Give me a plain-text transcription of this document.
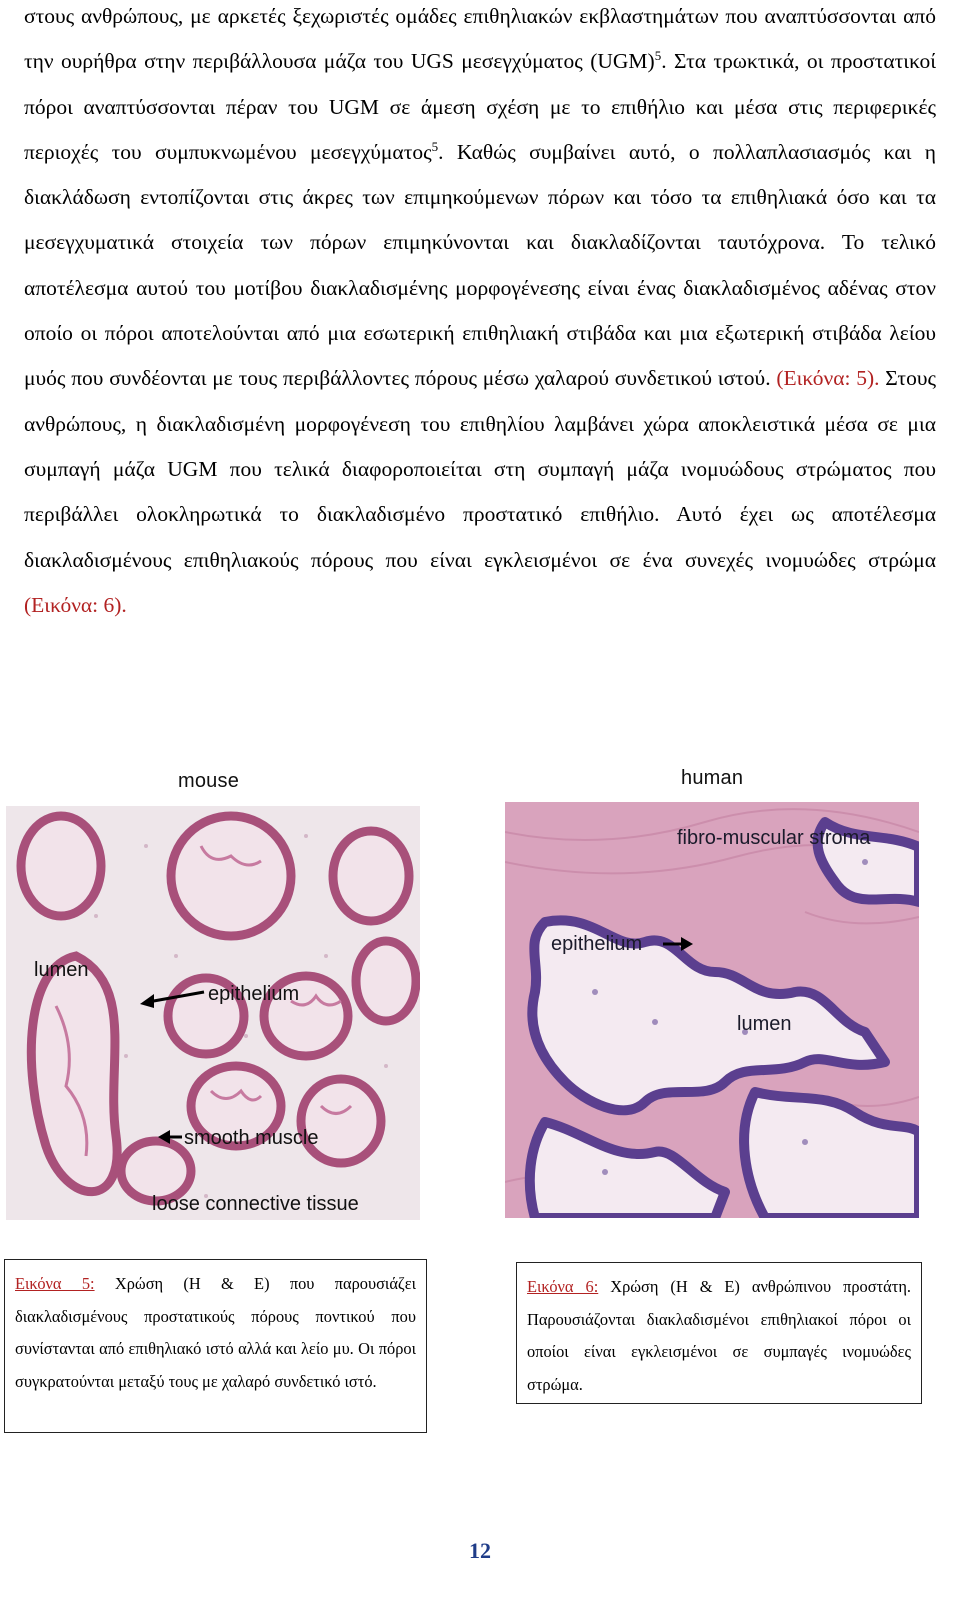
στους ανθρώπους, με αρκετές ξεχωριστές ομάδες επιθηλιακών εκβλαστημάτων που αναπτύσσονται από την ουρήθρα στην περιβάλλουσα μάζα του UGS μεσεγχύματος (UGM)$^5$. Στα τρωκτικά, οι προστατικοί πόροι αναπτύσσονται πέραν του UGM σε άμεση σχέση με το επιθήλιο και μέσα στις περιφερικές περιοχές του συμπυκνωμένου μεσεγχύματος$^5$. Καθώς συμβαίνει αυτό, ο πολλαπλασιασμός και η διακλάδωση εντοπίζονται στις άκρες των επιμηκούμενων πόρων και τόσο τα επιθηλιακά όσο και τα μεσεγχυματικά στοιχεία των πόρων επιμηκύνονται και διακλαδίζονται ταυτόχρονα. Το τελικό αποτέλεσμα αυτού του μοτίβου διακλαδισμένης μορφογένεσης είναι ένας διακλαδισμένος αδένας στον οποίο οι πόροι αποτελούνται από μια εσωτερική επιθηλιακή στιβάδα και μια εξωτερική στιβάδα λείου μυός που συνδέονται με τους περιβάλλοντες πόρους μέσω χαλαρού συνδετικού ιστού. (Εικόνα: 5). Στους ανθρώπους, η διακλαδισμένη μορφογένεση του επιθηλίου λαμβάνει χώρα αποκλειστικά μέσα σε μια συμπαγή μάζα UGM που τελικά διαφοροποιείται στη συμπαγή μάζα ινομυώδους στρώματος που περιβάλλει ολοκληρωτικά το διακλαδισμένο προστατικό επιθήλιο. Αυτό έχει ως αποτέλεσμα διακλαδισμένους επιθηλιακούς πόρους που είναι εγκλεισμένοι σε ένα συνεχές ινομυώδες στρώμα (Εικόνα: 6).

mouse
lumen
epithelium
smooth muscle
loose connective tissue
human
fibro-muscular stroma
epithelium
lumen
Εικόνα 5: Χρώση (H & E) που παρουσιάζει διακλαδισμένους προστατικούς πόρους ποντικού που συνίστανται από επιθηλιακό ιστό αλλά και λείο μυ. Οι πόροι συγκρατούνται μεταξύ τους με χαλαρό συνδετικό ιστό.
Εικόνα 6: Χρώση (H & E) ανθρώπινου προστάτη. Παρουσιάζονται διακλαδισμένοι επιθηλιακοί πόροι οι οποίοι είναι εγκλεισμένοι σε συμπαγές ινομυώδες στρώμα.
12
